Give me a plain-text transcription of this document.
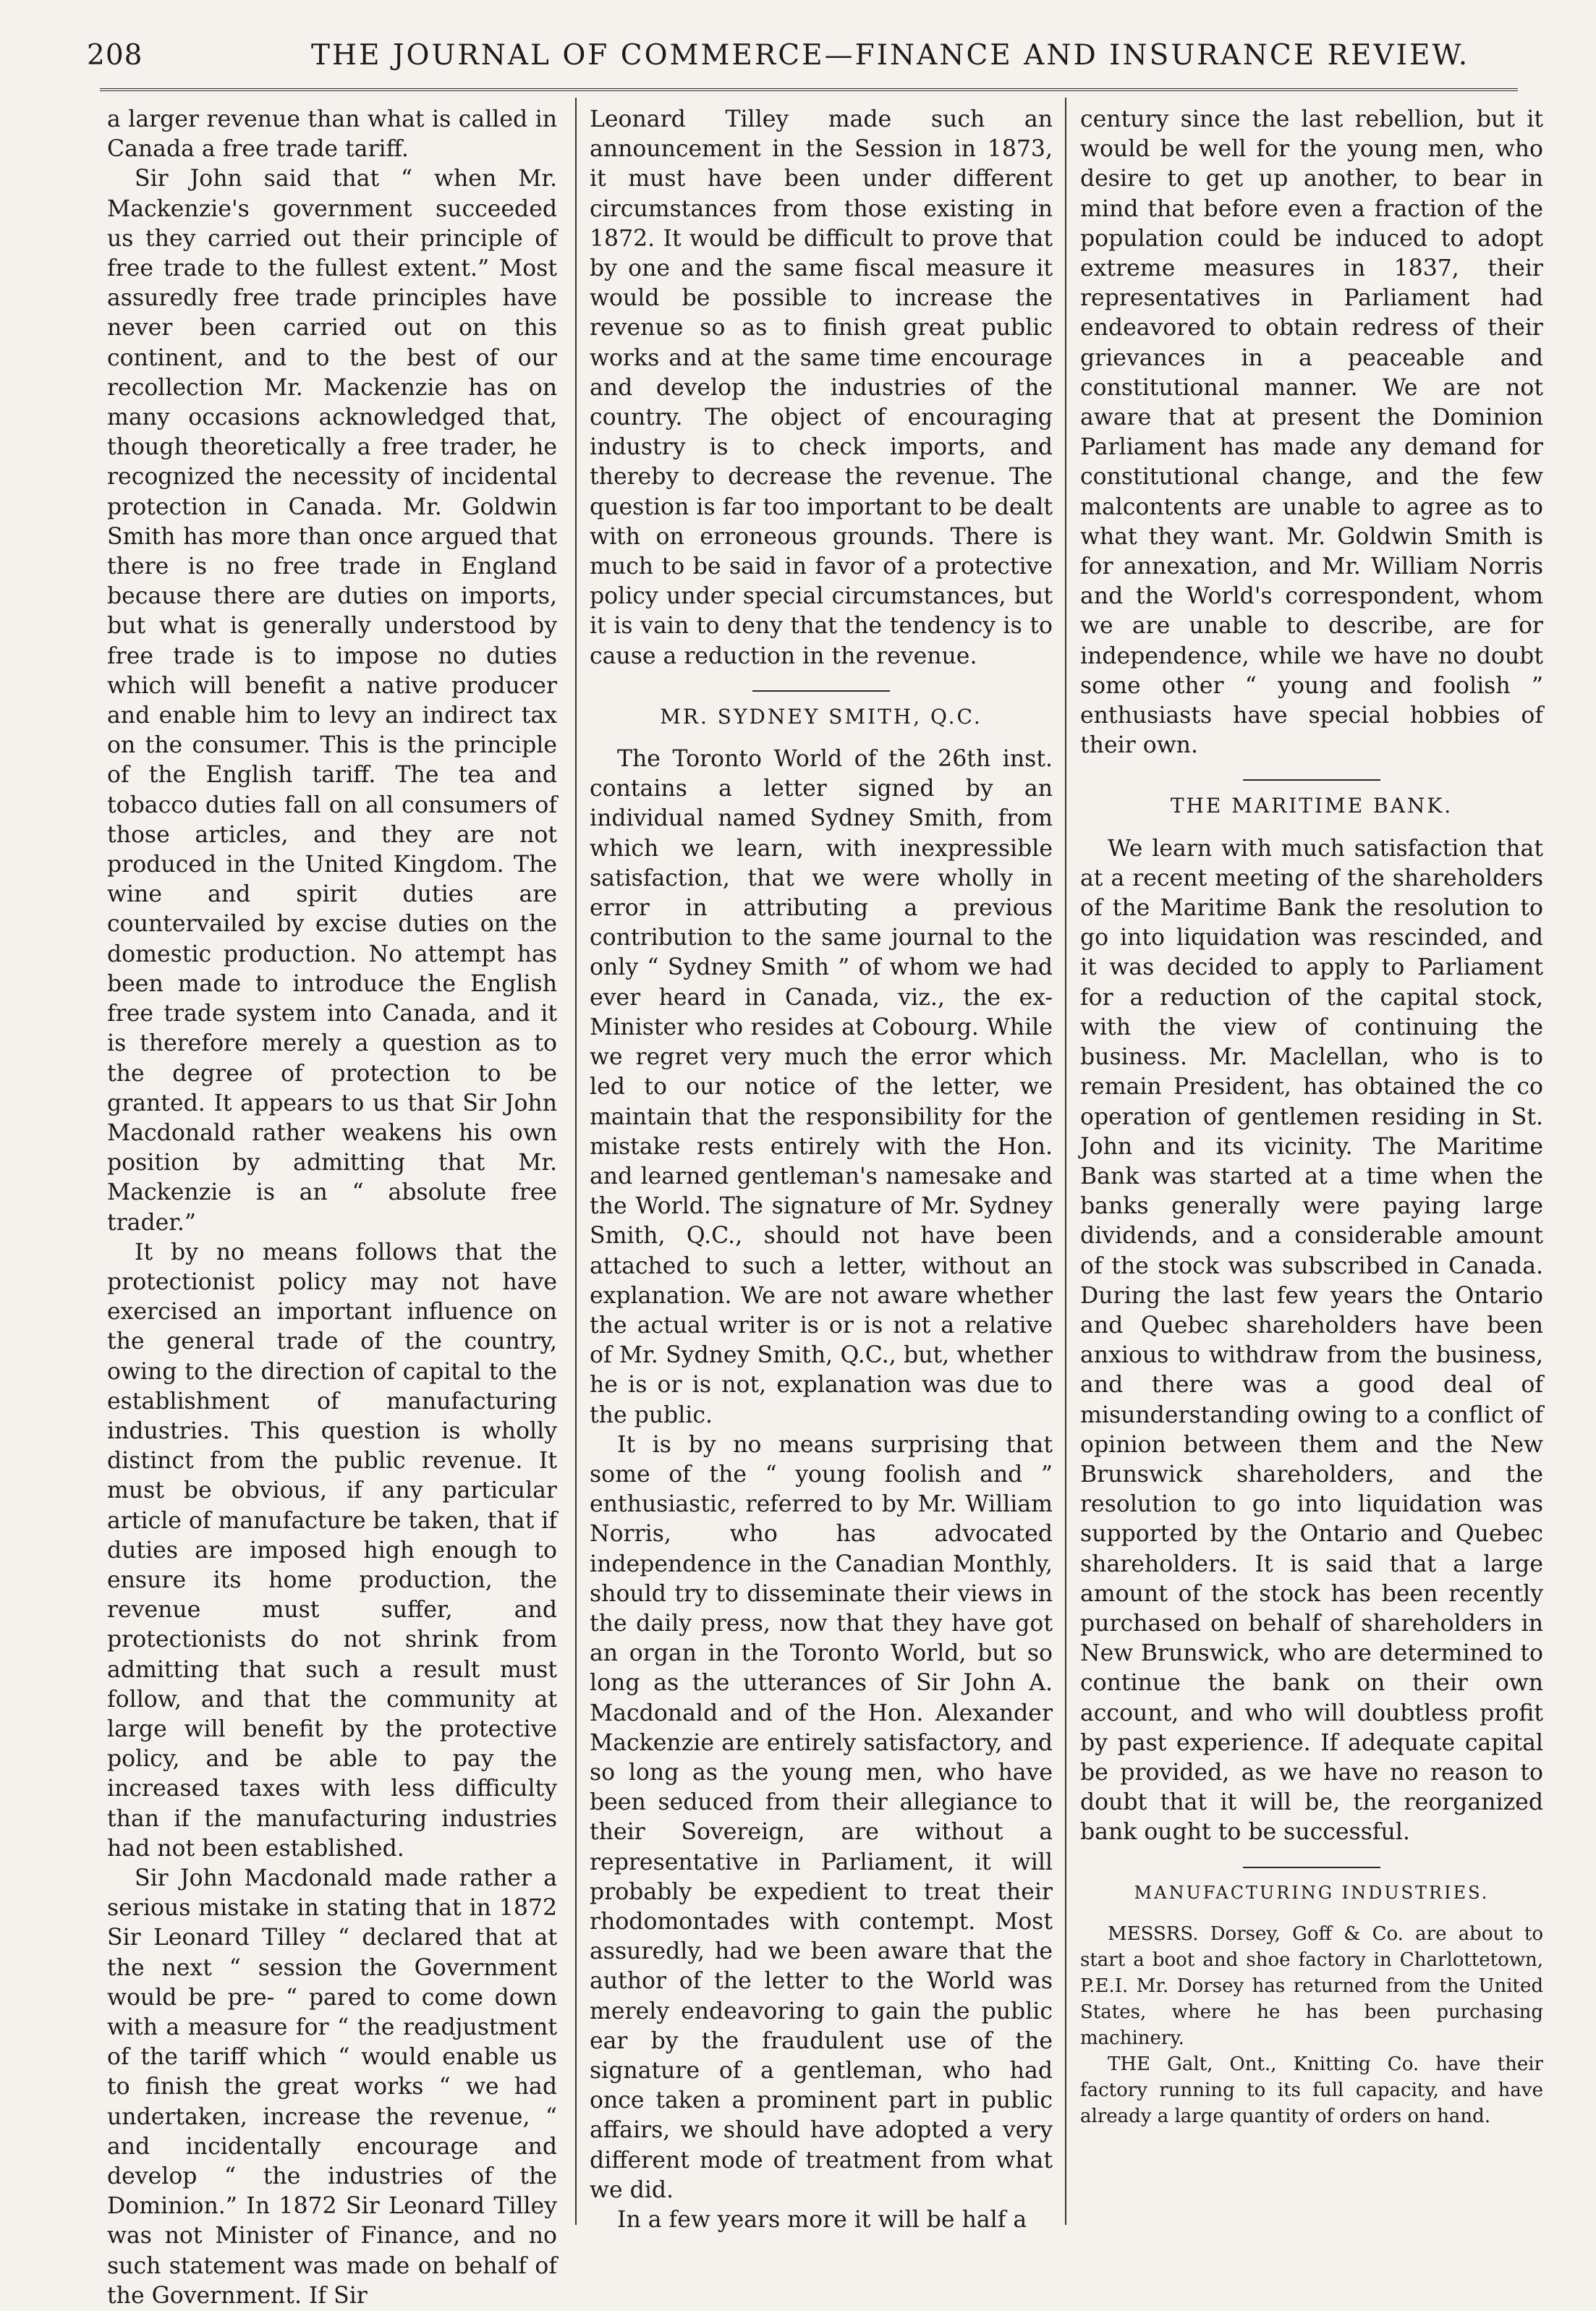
208	THE JOURNAL OF COMMERCE—FINANCE AND INSURANCE REVIEW.

a larger revenue than what is called in Canada a free trade tariff.

Sir John said that “ when Mr. Mackenzie's government succeeded us they carried out their principle of free trade to the fullest extent.” Most assuredly free trade principles have never been carried out on this continent, and to the best of our recollection Mr. Mackenzie has on many occasions acknowledged that, though theoretically a free trader, he recognized the necessity of incidental protection in Canada. Mr. Goldwin Smith has more than once argued that there is no free trade in England because there are duties on imports, but what is generally understood by free trade is to impose no duties which will benefit a native producer and enable him to levy an indirect tax on the consumer. This is the principle of the English tariff. The tea and tobacco duties fall on all consumers of those articles, and they are not produced in the United Kingdom. The wine and spirit duties are countervailed by excise duties on the domestic production. No attempt has been made to introduce the English free trade system into Canada, and it is therefore merely a question as to the degree of protection to be granted. It appears to us that Sir John Macdonald rather weakens his own position by admitting that Mr. Mackenzie is an “ absolute free trader.”

It by no means follows that the protectionist policy may not have exercised an important influence on the general trade of the country, owing to the direction of capital to the establishment of manufacturing industries. This question is wholly distinct from the public revenue. It must be obvious, if any particular article of manufacture be taken, that if duties are imposed high enough to ensure its home production, the revenue must suffer, and protectionists do not shrink from admitting that such a result must follow, and that the community at large will benefit by the protective policy, and be able to pay the increased taxes with less difficulty than if the manufacturing industries had not been established.

Sir John Macdonald made rather a serious mistake in stating that in 1872 Sir Leonard Tilley “ declared that at the next “ session the Government would be pre- “ pared to come down with a measure for “ the readjustment of the tariff which “ would enable us to finish the great works “ we had undertaken, increase the revenue, “ and incidentally encourage and develop “ the industries of the Dominion.” In 1872 Sir Leonard Tilley was not Minister of Finance, and no such statement was made on behalf of the Government. If Sir

Leonard Tilley made such an announcement in the Session in 1873, it must have been under different circumstances from those existing in 1872. It would be difficult to prove that by one and the same fiscal measure it would be possible to increase the revenue so as to finish great public works and at the same time encourage and develop the industries of the country. The object of encouraging industry is to check imports, and thereby to decrease the revenue. The question is far too important to be dealt with on erroneous grounds. There is much to be said in favor of a protective policy under special circumstances, but it is vain to deny that the tendency is to cause a reduction in the revenue.

MR. SYDNEY SMITH, Q.C.

The Toronto World of the 26th inst. contains a letter signed by an individual named Sydney Smith, from which we learn, with inexpressible satisfaction, that we were wholly in error in attributing a previous contribution to the same journal to the only “ Sydney Smith ” of whom we had ever heard in Canada, viz., the ex-Minister who resides at Cobourg. While we regret very much the error which led to our notice of the letter, we maintain that the responsibility for the mistake rests entirely with the Hon. and learned gentleman's namesake and the World. The signature of Mr. Sydney Smith, Q.C., should not have been attached to such a letter, without an explanation. We are not aware whether the actual writer is or is not a relative of Mr. Sydney Smith, Q.C., but, whether he is or is not, explanation was due to the public.

It is by no means surprising that some of the “ young foolish and ” enthusiastic, referred to by Mr. William Norris, who has advocated independence in the Canadian Monthly, should try to disseminate their views in the daily press, now that they have got an organ in the Toronto World, but so long as the utterances of Sir John A. Macdonald and of the Hon. Alexander Mackenzie are entirely satisfactory, and so long as the young men, who have been seduced from their allegiance to their Sovereign, are without a representative in Parliament, it will probably be expedient to treat their rhodomontades with contempt. Most assuredly, had we been aware that the author of the letter to the World was merely endeavoring to gain the public ear by the fraudulent use of the signature of a gentleman, who had once taken a prominent part in public affairs, we should have adopted a very different mode of treatment from what we did.

In a few years more it will be half a

century since the last rebellion, but it would be well for the young men, who desire to get up another, to bear in mind that before even a fraction of the population could be induced to adopt extreme measures in 1837, their representatives in Parliament had endeavored to obtain redress of their grievances in a peaceable and constitutional manner. We are not aware that at present the Dominion Parliament has made any demand for constitutional change, and the few malcontents are unable to agree as to what they want. Mr. Goldwin Smith is for annexation, and Mr. William Norris and the World's correspondent, whom we are unable to describe, are for independence, while we have no doubt some other “ young and foolish ” enthusiasts have special hobbies of their own.

THE MARITIME BANK.

We learn with much satisfaction that at a recent meeting of the shareholders of the Maritime Bank the resolution to go into liquidation was rescinded, and it was decided to apply to Parliament for a reduction of the capital stock, with the view of continuing the business. Mr. Maclellan, who is to remain President, has obtained the co operation of gentlemen residing in St. John and its vicinity. The Maritime Bank was started at a time when the banks generally were paying large dividends, and a considerable amount of the stock was subscribed in Canada. During the last few years the Ontario and Quebec shareholders have been anxious to withdraw from the business, and there was a good deal of misunderstanding owing to a conflict of opinion between them and the New Brunswick shareholders, and the resolution to go into liquidation was supported by the Ontario and Quebec shareholders. It is said that a large amount of the stock has been recently purchased on behalf of shareholders in New Brunswick, who are determined to continue the bank on their own account, and who will doubtless profit by past experience. If adequate capital be provided, as we have no reason to doubt that it will be, the reorganized bank ought to be successful.

MANUFACTURING INDUSTRIES.

MESSRS. Dorsey, Goff & Co. are about to start a boot and shoe factory in Charlottetown, P.E.I. Mr. Dorsey has returned from the United States, where he has been purchasing machinery.

THE Galt, Ont., Knitting Co. have their factory running to its full capacity, and have already a large quantity of orders on hand.
